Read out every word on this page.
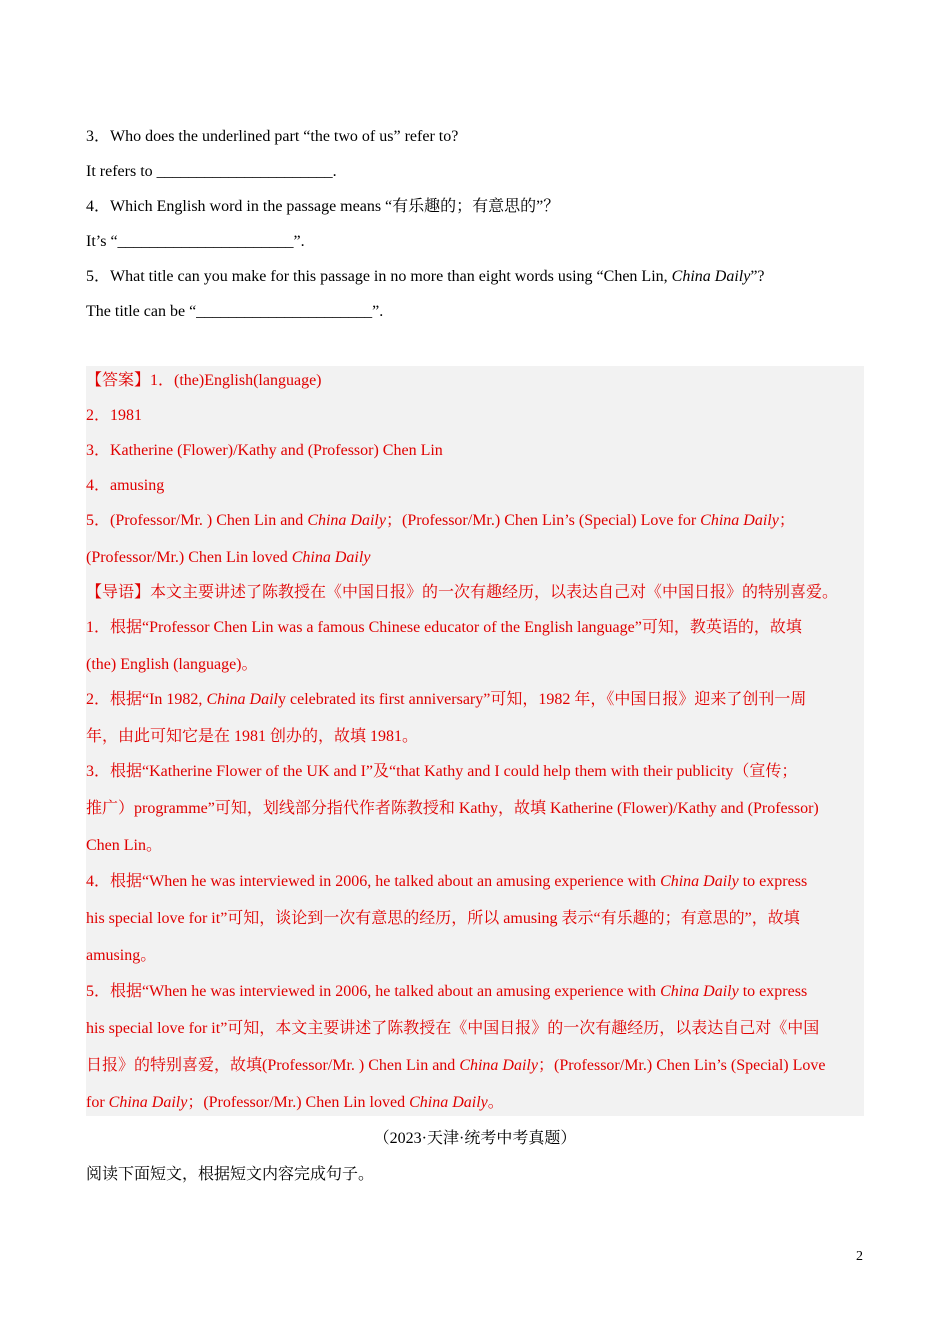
3．Who does the underlined part “the two of us” refer to?
It refers to ______________________.
4．Which English word in the passage means “有乐趣的；有意思的”？
It’s “______________________”.
5．What title can you make for this passage in no more than eight words using “Chen Lin, China Daily”?
The title can be “______________________”.
【答案】1．(the)English(language)
2．1981
3．Katherine (Flower)/Kathy and (Professor) Chen Lin
4．amusing
5．(Professor/Mr. ) Chen Lin and China Daily；(Professor/Mr.) Chen Lin’s (Special) Love for China Daily；
(Professor/Mr.) Chen Lin loved China Daily
【导语】本文主要讲述了陈教授在《中国日报》的一次有趣经历，以表达自己对《中国日报》的特别喜爱。
1．根据“Professor Chen Lin was a famous Chinese educator of the English language”可知，教英语的，故填
(the) English (language)。
2．根据“In 1982, China Daily celebrated its first anniversary”可知，1982 年，《中国日报》迎来了创刊一周
年，由此可知它是在 1981 创办的，故填 1981。
3．根据“Katherine Flower of the UK and I”及“that Kathy and I could help them with their publicity（宣传；
推广）programme”可知，划线部分指代作者陈教授和 Kathy，故填 Katherine (Flower)/Kathy and (Professor)
Chen Lin。
4．根据“When he was interviewed in 2006, he talked about an amusing experience with China Daily to express
his special love for it”可知，谈论到一次有意思的经历，所以 amusing 表示“有乐趣的；有意思的”，故填
amusing。
5．根据“When he was interviewed in 2006, he talked about an amusing experience with China Daily to express
his special love for it”可知，本文主要讲述了陈教授在《中国日报》的一次有趣经历，以表达自己对《中国
日报》的特别喜爱，故填(Professor/Mr. ) Chen Lin and China Daily；(Professor/Mr.) Chen Lin’s (Special) Love
for China Daily；(Professor/Mr.) Chen Lin loved China Daily。
（2023·天津·统考中考真题）
阅读下面短文，根据短文内容完成句子。
2
